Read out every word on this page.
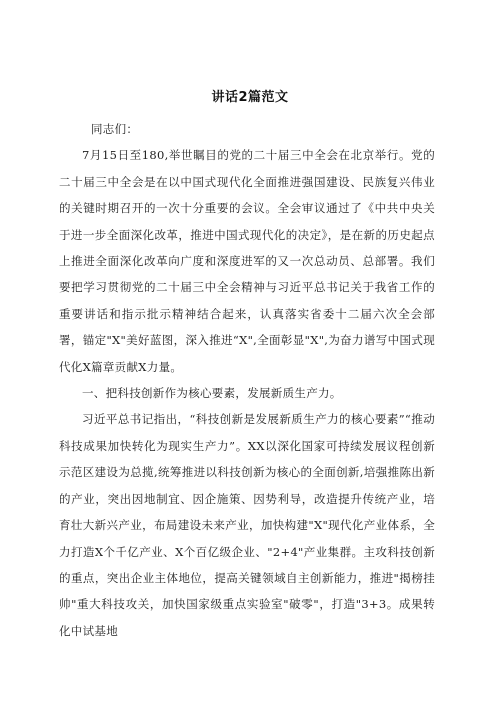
讲话2篇范文

同志们：

7月15日至180,举世瞩目的党的二十届三中全会在北京举行。党的二十届三中全会是在以中国式现代化全面推进强国建设、民族复兴伟业的关键时期召开的一次十分重要的会议。全会审议通过了《中共中央关于进一步全面深化改革，推进中国式现代化的决定》，是在新的历史起点上推进全面深化改革向广度和深度进军的又一次总动员、总部署。我们要把学习贯彻党的二十届三中全会精神与习近平总书记关于我省工作的重要讲话和指示批示精神结合起来，认真落实省委十二届六次全会部署，锚定"X"美好蓝图，深入推进“X",全面彰显"X",为奋力谱写中国式现代化X篇章贡献X力量。

一、把科技创新作为核心要素，发展新质生产力。

习近平总书记指出，“科技创新是发展新质生产力的核心要素”“推动科技成果加快转化为现实生产力”。XX以深化国家可持续发展议程创新示范区建设为总揽,统筹推进以科技创新为核心的全面创新,培强推陈出新的产业，突出因地制宜、因企施策、因势利导，改造提升传统产业，培育壮大新兴产业，布局建设未来产业，加快构建"X"现代化产业体系，全力打造X个千亿产业、X个百亿级企业、"2+4"产业集群。主攻科技创新的重点，突出企业主体地位，提高关键领域自主创新能力，推进"揭榜挂帅"重大科技攻关，加快国家级重点实验室"破零"，打造"3+3。成果转化中试基地
